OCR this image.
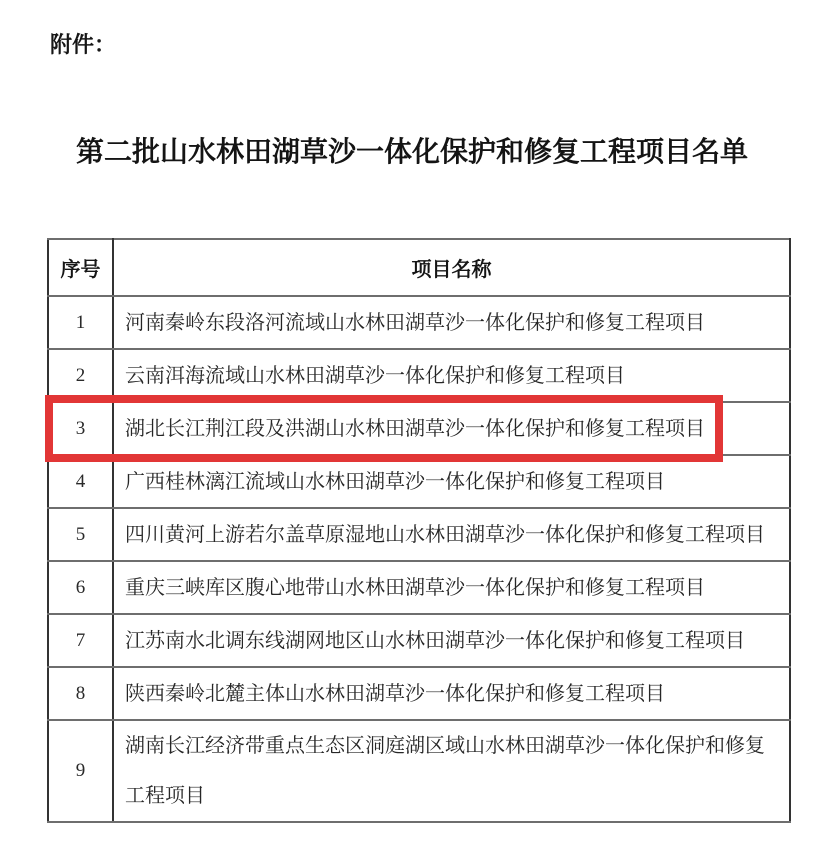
附件：
第二批山水林田湖草沙一体化保护和修复工程项目名单
序号	项目名称
1	河南秦岭东段洛河流域山水林田湖草沙一体化保护和修复工程项目
2	云南洱海流域山水林田湖草沙一体化保护和修复工程项目
3	湖北长江荆江段及洪湖山水林田湖草沙一体化保护和修复工程项目
4	广西桂林漓江流域山水林田湖草沙一体化保护和修复工程项目
5	四川黄河上游若尔盖草原湿地山水林田湖草沙一体化保护和修复工程项目
6	重庆三峡库区腹心地带山水林田湖草沙一体化保护和修复工程项目
7	江苏南水北调东线湖网地区山水林田湖草沙一体化保护和修复工程项目
8	陕西秦岭北麓主体山水林田湖草沙一体化保护和修复工程项目
9	湖南长江经济带重点生态区洞庭湖区域山水林田湖草沙一体化保护和修复工程项目
